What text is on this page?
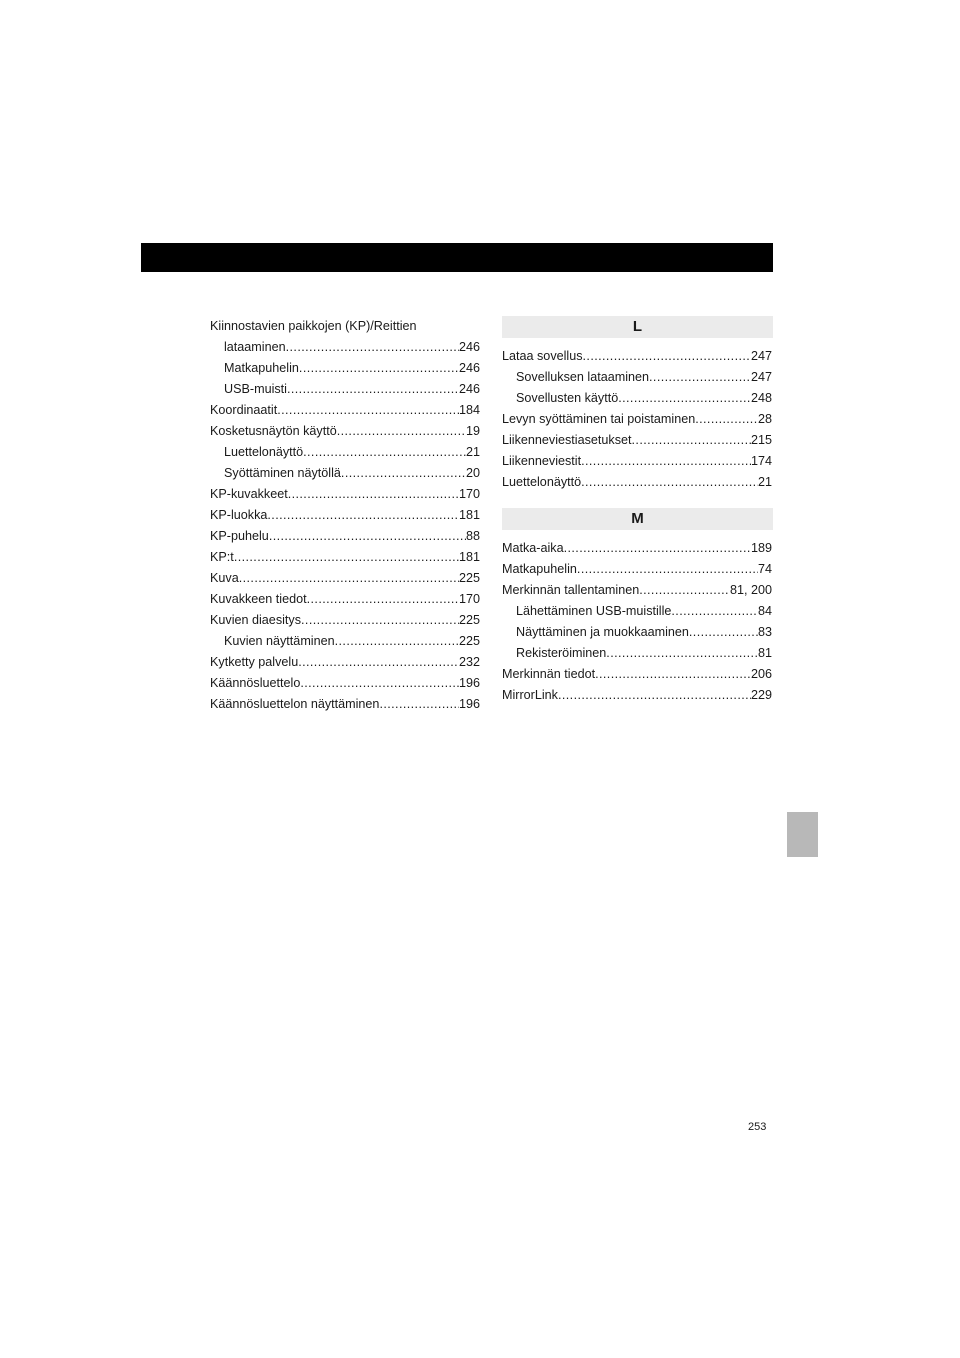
Kiinnostavien paikkojen (KP)/Reittien
lataaminen .....	246
Matkapuhelin .....	246
USB-muisti .....	246
Koordinaatit .....	184
Kosketusnäytön käyttö .....	19
Luettelonäyttö .....	21
Syöttäminen näytöllä .....	20
KP-kuvakkeet .....	170
KP-luokka .....	181
KP-puhelu .....	88
KP:t .....	181
Kuva .....	225
Kuvakkeen tiedot .....	170
Kuvien diaesitys .....	225
Kuvien näyttäminen .....	225
Kytketty palvelu .....	232
Käännösluettelo .....	196
Käännösluettelon näyttäminen .....	196
L
Lataa sovellus .....	247
Sovelluksen lataaminen .....	247
Sovellusten käyttö .....	248
Levyn syöttäminen tai poistaminen .....	28
Liikenneviestiasetukset .....	215
Liikenneviestit .....	174
Luettelonäyttö .....	21
M
Matka-aika .....	189
Matkapuhelin .....	74
Merkinnän tallentaminen .....	81, 200
Lähettäminen USB-muistille .....	84
Näyttäminen ja muokkaaminen .....	83
Rekisteröiminen .....	81
Merkinnän tiedot .....	206
MirrorLink .....	229
253
